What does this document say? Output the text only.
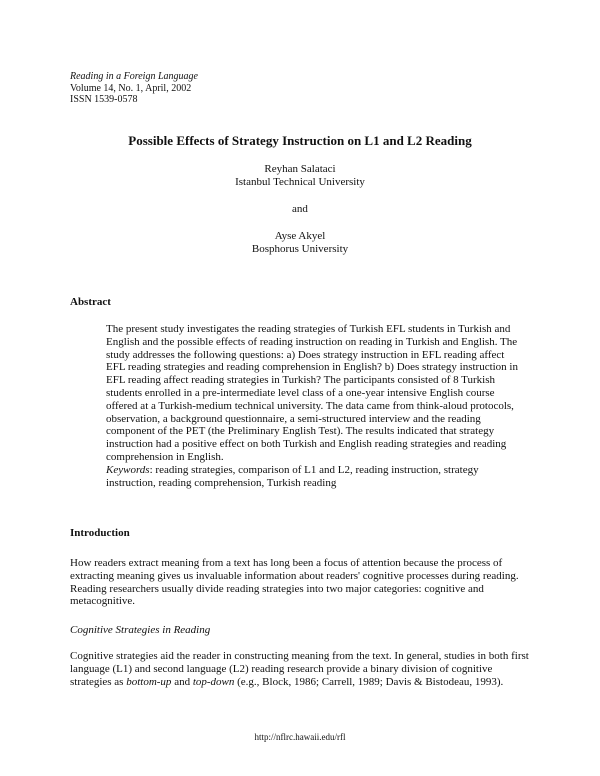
Reading in a Foreign Language
Volume 14, No. 1, April, 2002
ISSN 1539-0578
Possible Effects of Strategy Instruction on L1 and L2 Reading
Reyhan Salataci
Istanbul Technical University
and
Ayse Akyel
Bosphorus University
Abstract
The present study investigates the reading strategies of Turkish EFL students in Turkish and English and the possible effects of reading instruction on reading in Turkish and English. The study addresses the following questions: a) Does strategy instruction in EFL reading affect EFL reading strategies and reading comprehension in English? b) Does strategy instruction in EFL reading affect reading strategies in Turkish? The participants consisted of 8 Turkish students enrolled in a pre-intermediate level class of a one-year intensive English course offered at a Turkish-medium technical university. The data came from think-aloud protocols, observation, a background questionnaire, a semi-structured interview and the reading component of the PET (the Preliminary English Test). The results indicated that strategy instruction had a positive effect on both Turkish and English reading strategies and reading comprehension in English.
Keywords: reading strategies, comparison of L1 and L2, reading instruction, strategy instruction, reading comprehension, Turkish reading
Introduction
How readers extract meaning from a text has long been a focus of attention because the process of extracting meaning gives us invaluable information about readers' cognitive processes during reading. Reading researchers usually divide reading strategies into two major categories: cognitive and metacognitive.
Cognitive Strategies in Reading
Cognitive strategies aid the reader in constructing meaning from the text. In general, studies in both first language (L1) and second language (L2) reading research provide a binary division of cognitive strategies as bottom-up and top-down (e.g., Block, 1986; Carrell, 1989; Davis & Bistodeau, 1993).
http://nflrc.hawaii.edu/rfl
